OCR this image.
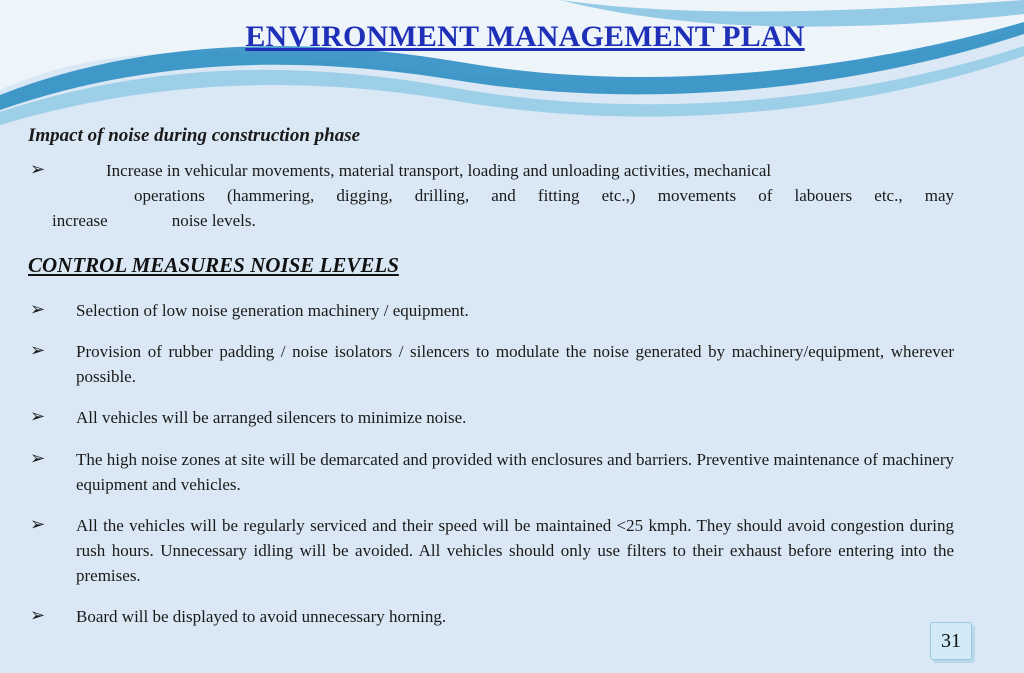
ENVIRONMENT MANAGEMENT PLAN
Impact of noise during construction phase
➢	Increase in vehicular movements, material transport, loading and unloading activities, mechanical
operations (hammering, digging, drilling, and fitting etc.,) movements of labouers etc., may
increase	noise levels.

CONTROL MEASURES NOISE LEVELS
➢ Selection of low noise generation machinery / equipment.

➢ Provision of rubber padding / noise isolators / silencers to modulate the noise generated by machinery/equipment, wherever possible.

➢ All vehicles will be arranged silencers to minimize noise.

➢ The high noise zones at site will be demarcated and provided with enclosures and barriers. Preventive maintenance of machinery equipment and vehicles.

➢ All the vehicles will be regularly serviced and their speed will be maintained <25 kmph. They should avoid congestion during rush hours. Unnecessary idling will be avoided. All vehicles should only use filters to their exhaust before entering into the premises.

➢ Board will be displayed to avoid unnecessary horning.

31
